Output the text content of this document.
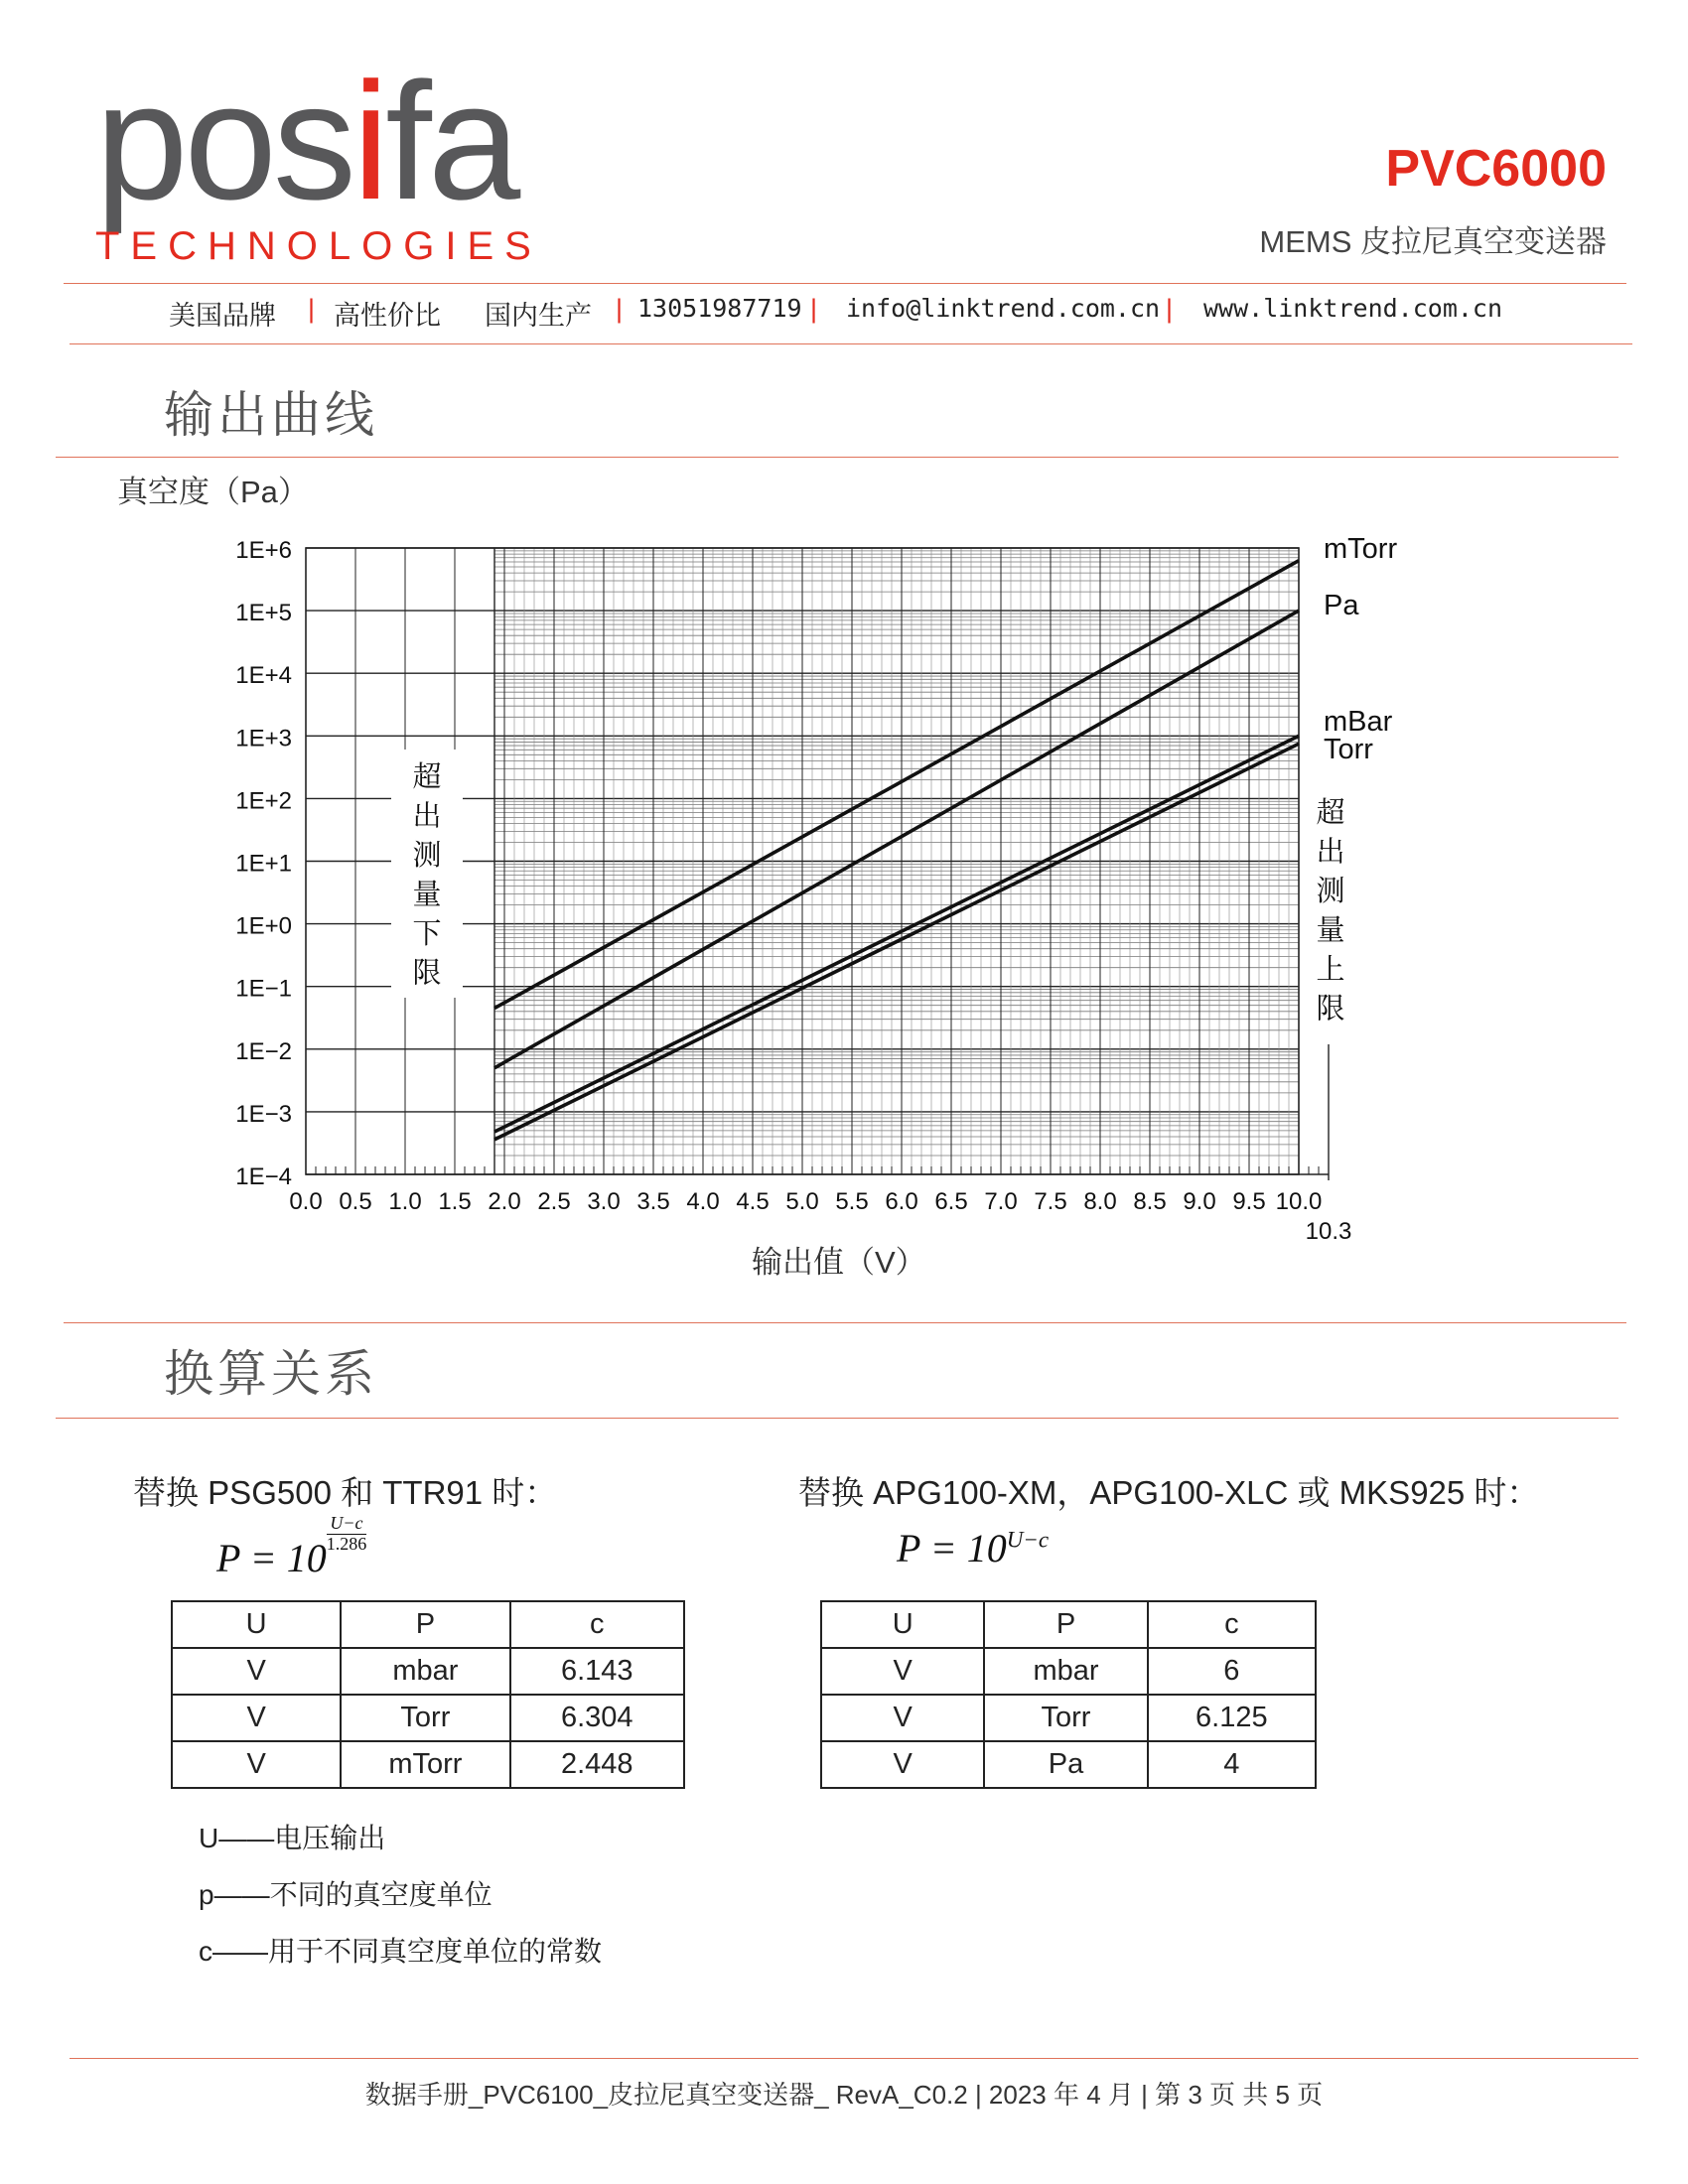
posifa
TECHNOLOGIES
PVC6000
MEMS 皮拉尼真空变送器
美国品牌 | 高性价比 国内生产 | 13051987719 | info@linktrend.com.cn | www.linktrend.com.cn
输出曲线
真空度（Pa）
mTorr
Pa
mBar
Torr
1E+6
1E+5
1E+4
1E+3
1E+2
1E+1
1E+0
1E−1
1E−2
1E−3
1E−4
0.0 0.5 1.0 1.5 2.0 2.5 3.0 3.5 4.0 4.5 5.0 5.5 6.0 6.5 7.0 7.5 8.0 8.5 9.0 9.5 10.0
10.3
超
出
测
量
下
限
超
出
测
量
上
限
输出值（V）
换算关系
替换 PSG500 和 TTR91 时：
P = 10
$\frac{U-c}{1.286}$
替换 APG100-XM，APG100-XLC 或 MKS925 时：
$P = 10^{U-c}$
U	P	c
V	mbar	6.143
V	Torr	6.304
V	mTorr	2.448
U	P	c
V	mbar	6
V	Torr	6.125
V	Pa	4
U——电压输出
p——不同的真空度单位
c——用于不同真空度单位的常数
数据手册_PVC6100_皮拉尼真空变送器_ RevA_C0.2 | 2023 年 4 月 | 第 3 页 共 5 页
